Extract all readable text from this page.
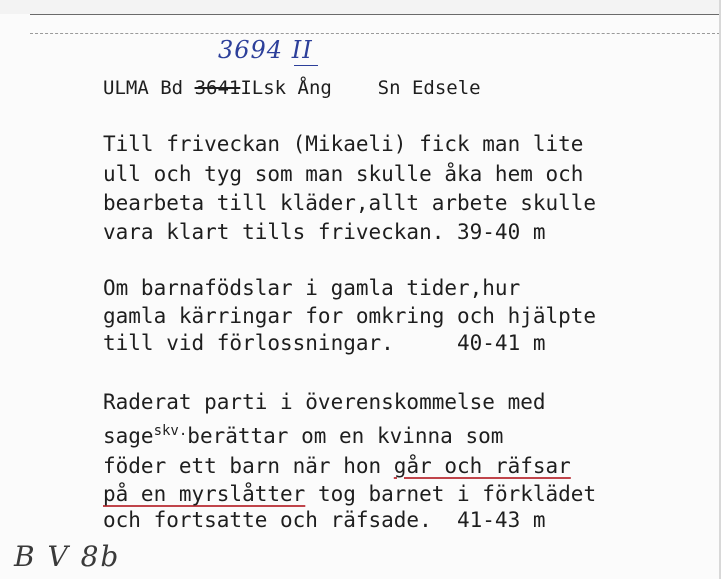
3694 II
ULMA Bd 3641ILsk Ång Sn Edsele
Till friveckan (Mikaeli) fick man lite
ull och tyg som man skulle åka hem och
bearbeta till kläder,allt arbete skulle
vara klart tills friveckan. 39-40 m
Om barnafödslar i gamla tider,hur
gamla kärringar for omkring och hjälpte
till vid förlossningar.     40-41 m
Raderat parti i överenskommelse med
sage$^{skv.}$berättar om en kvinna som
föder ett barn när hon går och räfsar
på en myrslåtter tog barnet i förklädet
och fortsatte och räfsade.  41-43 m
B V 8b
